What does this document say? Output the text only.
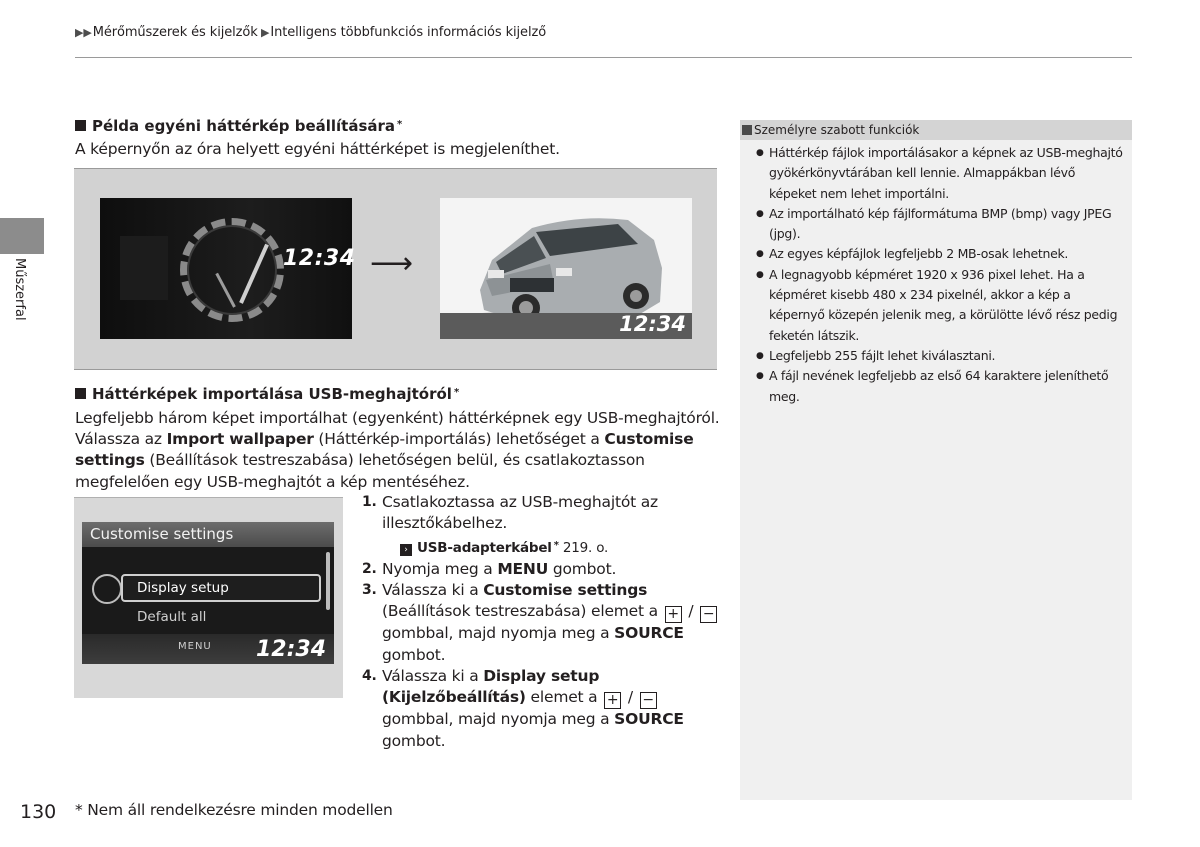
▶▶Mérőműszerek és kijelzők ▶Intelligens többfunkciós információs kijelző
Műszerfal
Példa egyéni háttérkép beállítására *
A képernyőn az óra helyett egyéni háttérképet is megjeleníthet.
12:34 ⟶
12:34
Háttérképek importálása USB-meghajtóról *
Legfeljebb három képet importálhat (egyenként) háttérképnek egy USB-meghajtóról. Válassza az Import wallpaper (Háttérkép-importálás) lehetőséget a Customise settings (Beállítások testreszabása) lehetőségen belül, és csatlakoztasson megfelelően egy USB-meghajtót a kép mentéséhez.
Customise settings
Display setup
Default all
MENU 12:34
1. Csatlakoztassa az USB-meghajtót az illesztőkábelhez.
› USB-adapterkábel * 219. o.
2. Nyomja meg a MENU gombot.
3. Válassza ki a Customise settings (Beállítások testreszabása) elemet a + / − gombbal, majd nyomja meg a SOURCE gombot.
4. Válassza ki a Display setup (Kijelzőbeállítás) elemet a + / − gombbal, majd nyomja meg a SOURCE gombot.
Személyre szabott funkciók
● Háttérkép fájlok importálásakor a képnek az USB-meghajtó gyökérkönyvtárában kell lennie. Almappákban lévő képeket nem lehet importálni.
● Az importálható kép fájlformátuma BMP (bmp) vagy JPEG (jpg).
● Az egyes képfájlok legfeljebb 2 MB-osak lehetnek.
● A legnagyobb képméret 1920 x 936 pixel lehet. Ha a képméret kisebb 480 x 234 pixelnél, akkor a kép a képernyő közepén jelenik meg, a körülötte lévő rész pedig feketén látszik.
● Legfeljebb 255 fájlt lehet kiválasztani.
● A fájl nevének legfeljebb az első 64 karaktere jeleníthető meg.
130 * Nem áll rendelkezésre minden modellen
